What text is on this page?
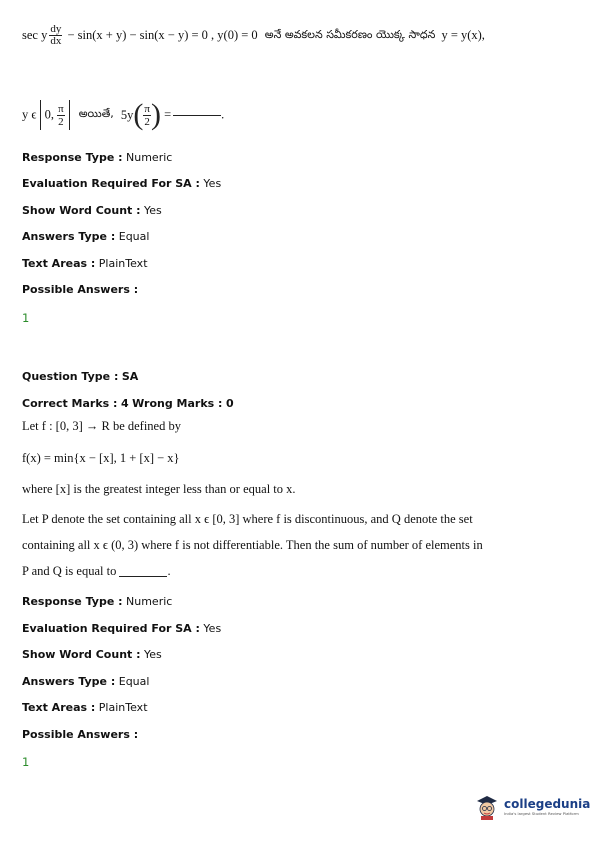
sec y $\frac{dy}{dx} - \sin(x + y) - \sin(x - y) = 0$ , y(0) = 0 అనే అవకలన సమీకరణం యొక్క సాధన y = y(x),
y ϵ 0, $\frac{\pi}{2}$ అయితే, $5y( \frac{\pi}{2}$ ) =	.
Response Type : Numeric
Evaluation Required For SA : Yes
Show Word Count : Yes
Answers Type : Equal
Text Areas : PlainText
Possible Answers :
1
Question Type : SA
Correct Marks : 4 Wrong Marks : 0
Let f : [0, 3] → R be defined by
f(x) = min{x − [x], 1 + [x] − x}
where [x] is the greatest integer less than or equal to x.
Let P denote the set containing all x ϵ [0, 3] where f is discontinuous, and Q denote the set
containing all x ϵ (0, 3) where f is not differentiable. Then the sum of number of elements in
P and Q is equal to	.
Response Type : Numeric
Evaluation Required For SA : Yes
Show Word Count : Yes
Answers Type : Equal
Text Areas : PlainText
Possible Answers :
1
collegedunia
India's largest Student Review Platform
